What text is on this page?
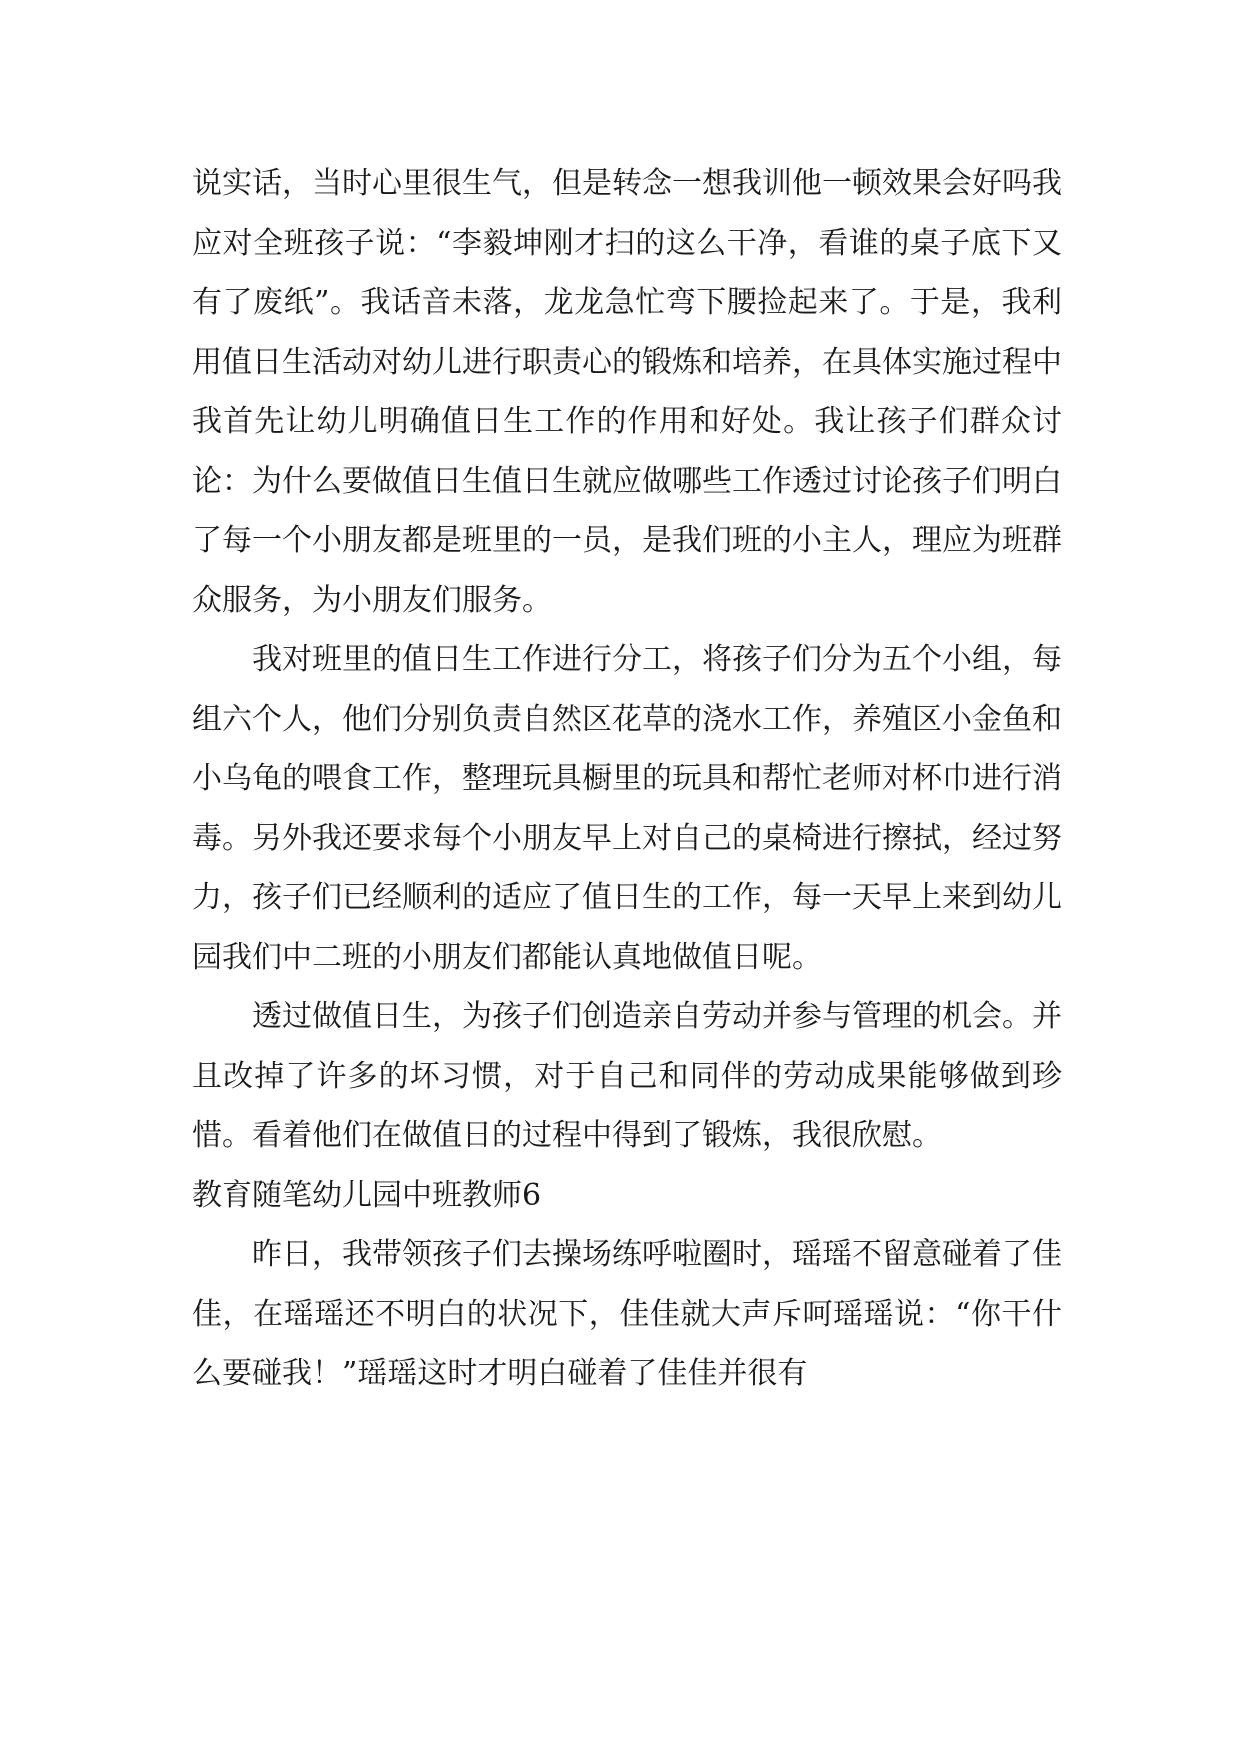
说实话，当时心里很生气，但是转念一想我训他一顿效果会好吗我应对全班孩子说：“李毅坤刚才扫的这么干净，看谁的桌子底下又有了废纸”。我话音未落，龙龙急忙弯下腰捡起来了。于是，我利用值日生活动对幼儿进行职责心的锻炼和培养，在具体实施过程中我首先让幼儿明确值日生工作的作用和好处。我让孩子们群众讨论：为什么要做值日生值日生就应做哪些工作透过讨论孩子们明白了每一个小朋友都是班里的一员，是我们班的小主人，理应为班群众服务，为小朋友们服务。

我对班里的值日生工作进行分工，将孩子们分为五个小组，每组六个人，他们分别负责自然区花草的浇水工作，养殖区小金鱼和小乌龟的喂食工作，整理玩具橱里的玩具和帮忙老师对杯巾进行消毒。另外我还要求每个小朋友早上对自己的桌椅进行擦拭，经过努力，孩子们已经顺利的适应了值日生的工作，每一天早上来到幼儿园我们中二班的小朋友们都能认真地做值日呢。

透过做值日生，为孩子们创造亲自劳动并参与管理的机会。并且改掉了许多的坏习惯，对于自己和同伴的劳动成果能够做到珍惜。看着他们在做值日的过程中得到了锻炼，我很欣慰。

教育随笔幼儿园中班教师6

昨日，我带领孩子们去操场练呼啦圈时，瑶瑶不留意碰着了佳佳，在瑶瑶还不明白的状况下，佳佳就大声斥呵瑶瑶说：“你干什么要碰我！”瑶瑶这时才明白碰着了佳佳并很有
